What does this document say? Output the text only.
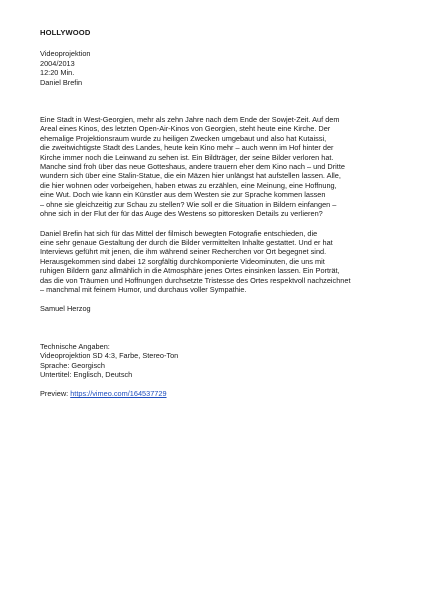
HOLLYWOOD
Videoprojektion
2004/2013
12:20 Min.
Daniel Brefin
Eine Stadt in West-Georgien, mehr als zehn Jahre nach dem Ende der Sowjet-Zeit. Auf dem
Areal eines Kinos, des letzten Open-Air-Kinos von Georgien, steht heute eine Kirche. Der
ehemalige Projektionsraum wurde zu heiligen Zwecken umgebaut und also hat Kutaissi,
die zweitwichtigste Stadt des Landes, heute kein Kino mehr – auch wenn im Hof hinter der
Kirche immer noch die Leinwand zu sehen ist. Ein Bildträger, der seine Bilder verloren hat.
Manche sind froh über das neue Gotteshaus, andere trauern eher dem Kino nach – und Dritte
wundern sich über eine Stalin-Statue, die ein Mäzen hier unlängst hat aufstellen lassen. Alle,
die hier wohnen oder vorbeigehen, haben etwas zu erzählen, eine Meinung, eine Hoffnung,
eine Wut. Doch wie kann ein Künstler aus dem Westen sie zur Sprache kommen lassen
– ohne sie gleichzeitig zur Schau zu stellen? Wie soll er die Situation in Bildern einfangen –
ohne sich in der Flut der für das Auge des Westens so pittoresken Details zu verlieren?
Daniel Brefin hat sich für das Mittel der filmisch bewegten Fotografie entschieden, die
eine sehr genaue Gestaltung der durch die Bilder vermittelten Inhalte gestattet. Und er hat
Interviews geführt mit jenen, die ihm während seiner Recherchen vor Ort begegnet sind.
Herausgekommen sind dabei 12 sorgfältig durchkomponierte Videominuten, die uns mit
ruhigen Bildern ganz allmählich in die Atmosphäre jenes Ortes einsinken lassen. Ein Porträt,
das die von Träumen und Hoffnungen durchsetzte Tristesse des Ortes respektvoll nachzeichnet
– manchmal mit feinem Humor, und durchaus voller Sympathie.
Samuel Herzog
Technische Angaben:
Videoprojektion SD 4:3, Farbe, Stereo-Ton
Sprache: Georgisch
Untertitel: Englisch, Deutsch
Preview: https://vimeo.com/164537729
